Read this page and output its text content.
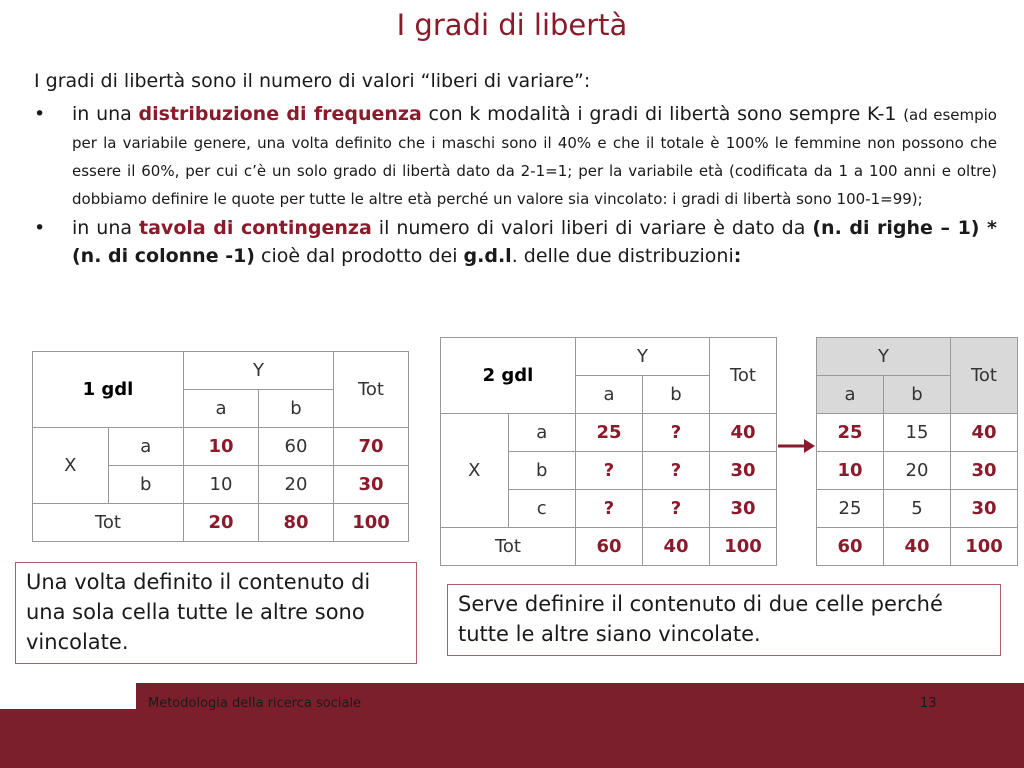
I gradi di libertà
I gradi di libertà sono il numero di valori “liberi di variare”:
• in una distribuzione di frequenza con k modalità i gradi di libertà sono sempre K-1 (ad esempio per la variabile genere, una volta definito che i maschi sono il 40% e che il totale è 100% le femmine non possono che essere il 60%, per cui c’è un solo grado di libertà dato da 2-1=1; per la variabile età (codificata da 1 a 100 anni e oltre) dobbiamo definire le quote per tutte le altre età perché un valore sia vincolato: i gradi di libertà sono 100-1=99);
• in una tavola di contingenza il numero di valori liberi di variare è dato da (n. di righe – 1) * (n. di colonne -1) cioè dal prodotto dei g.d.l. delle due distribuzioni:
1 gdl		Y		Tot
		a	b	
X	a	10	60	70
	b	10	20	30
Tot		20	80	100
2 gdl		Y		Tot
		a	b	
X	a	25	?	40
	b	?	?	30
	c	?	?	30
Tot		60	40	100
Y		Tot
a	b	
25	15	40
10	20	30
25	5	30
60	40	100
Una volta definito il contenuto di una sola cella tutte le altre sono vincolate.
Serve definire il contenuto di due celle perché tutte le altre siano vincolate.
Metodologia della ricerca sociale	13
